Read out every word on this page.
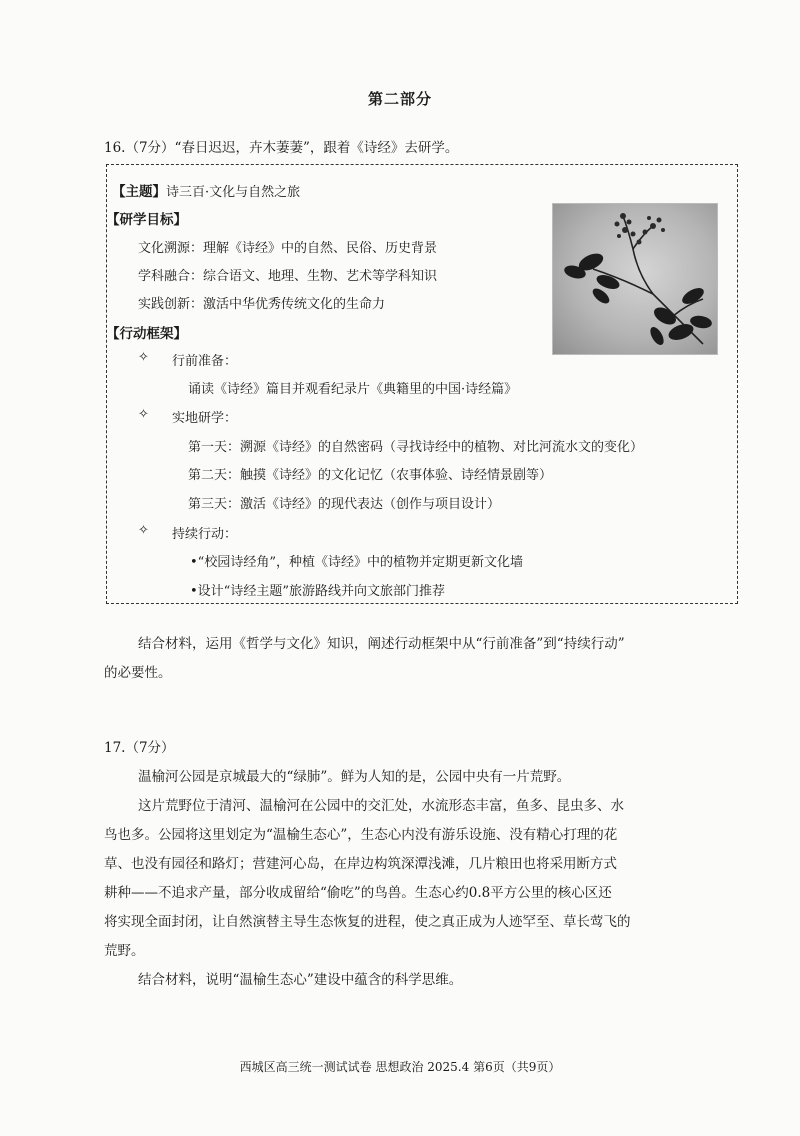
第二部分
16.（7分）“春日迟迟，卉木萋萋”，跟着《诗经》去研学。
【主题】诗三百·文化与自然之旅
【研学目标】
文化溯源：理解《诗经》中的自然、民俗、历史背景
学科融合：综合语文、地理、生物、艺术等学科知识
实践创新：激活中华优秀传统文化的生命力
【行动框架】
✧ 行前准备：
诵读《诗经》篇目并观看纪录片《典籍里的中国·诗经篇》
✧ 实地研学：
第一天：溯源《诗经》的自然密码（寻找诗经中的植物、对比河流水文的变化）
第二天：触摸《诗经》的文化记忆（农事体验、诗经情景剧等）
第三天：激活《诗经》的现代表达（创作与项目设计）
✧ 持续行动：
•“校园诗经角”，种植《诗经》中的植物并定期更新文化墙
•设计“诗经主题”旅游路线并向文旅部门推荐
结合材料，运用《哲学与文化》知识，阐述行动框架中从“行前准备”到“持续行动”
的必要性。
17.（7分）
温榆河公园是京城最大的“绿肺”。鲜为人知的是，公园中央有一片荒野。
这片荒野位于清河、温榆河在公园中的交汇处，水流形态丰富，鱼多、昆虫多、水
鸟也多。公园将这里划定为“温榆生态心”，生态心内没有游乐设施、没有精心打理的花
草、也没有园径和路灯；营建河心岛，在岸边构筑深潭浅滩，几片粮田也将采用断方式
耕种——不追求产量，部分收成留给“偷吃”的鸟兽。生态心约0.8平方公里的核心区还
将实现全面封闭，让自然演替主导生态恢复的进程，使之真正成为人迹罕至、草长莺飞的
荒野。
结合材料，说明“温榆生态心”建设中蕴含的科学思维。
西城区高三统一测试试卷 思想政治 2025.4 第6页（共9页）
